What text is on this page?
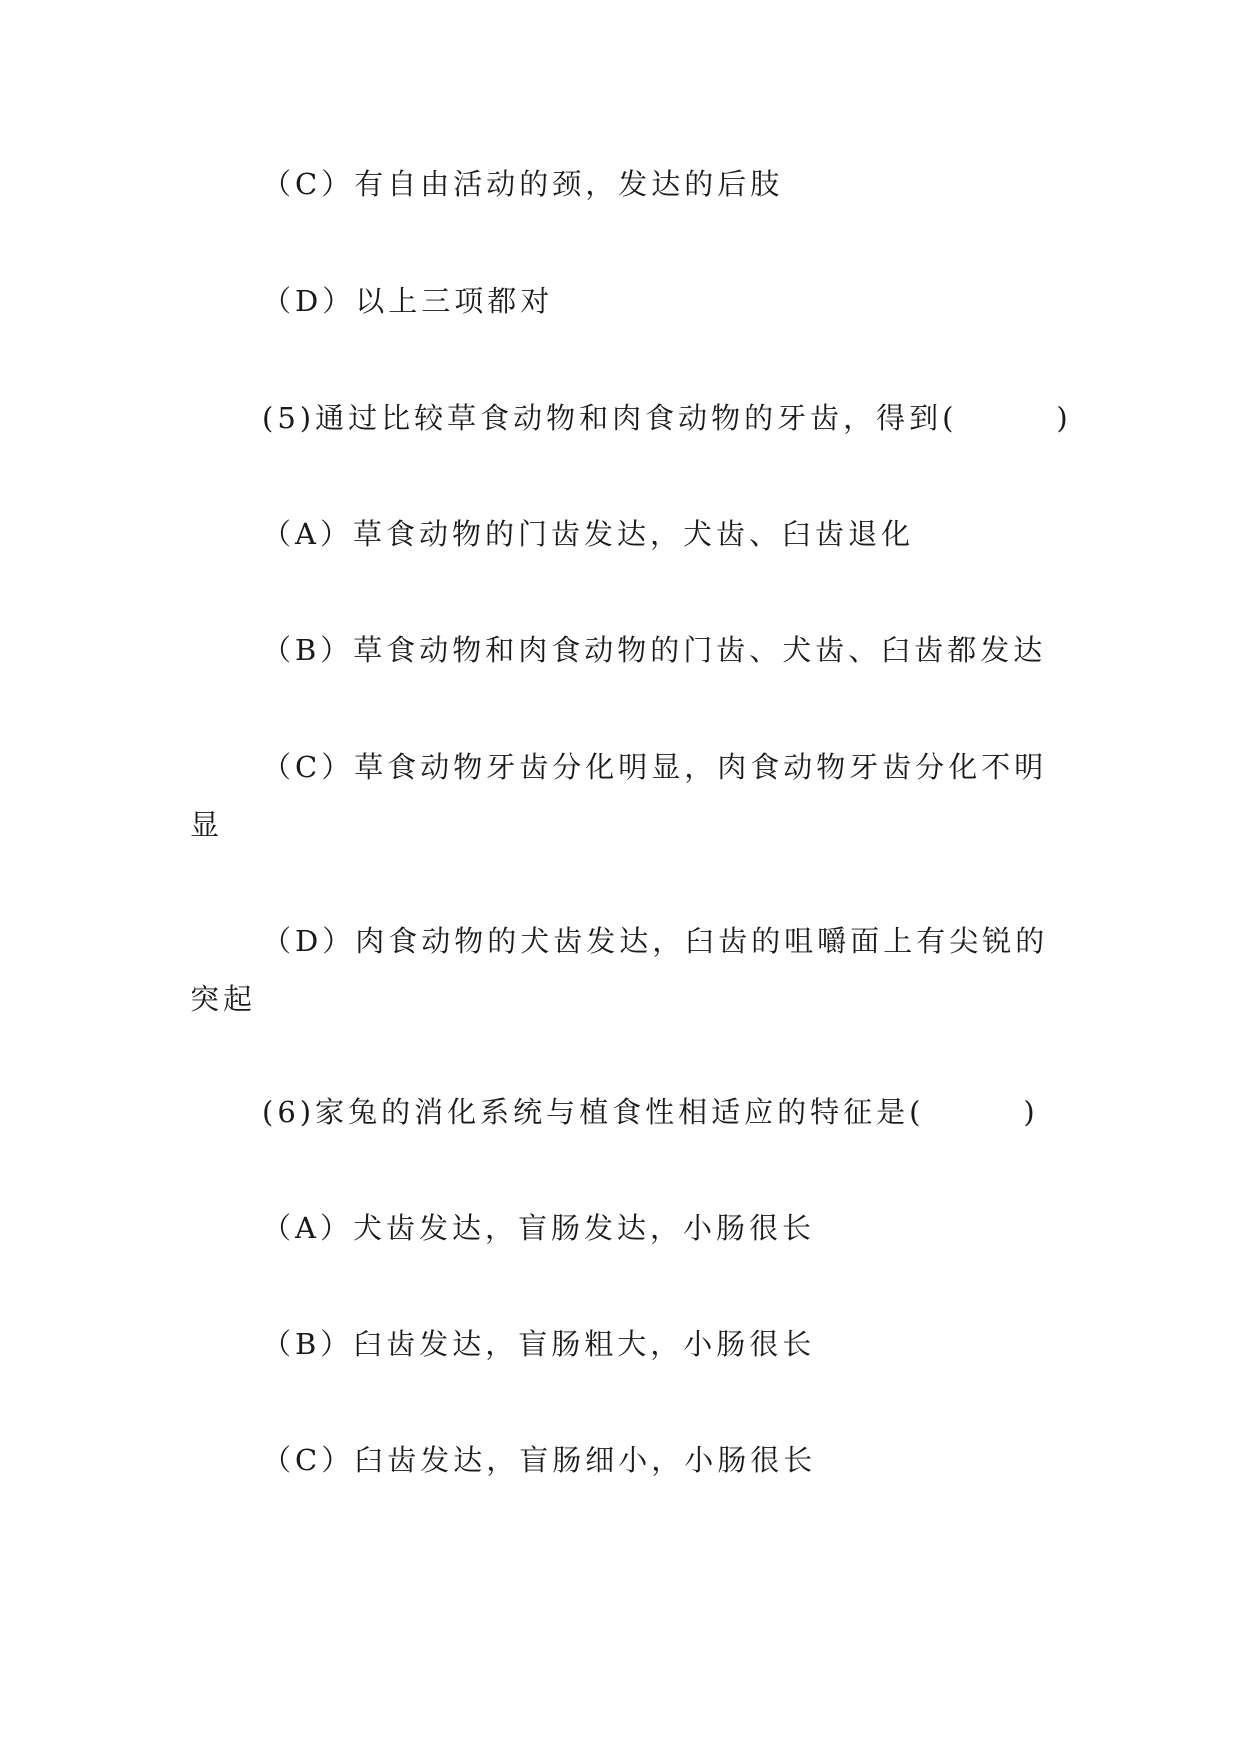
（C）有自由活动的颈，发达的后肢
（D）以上三项都对
(5)通过比较草食动物和肉食动物的牙齿，得到(　　　)
（A）草食动物的门齿发达，犬齿、臼齿退化
（B）草食动物和肉食动物的门齿、犬齿、臼齿都发达
（C）草食动物牙齿分化明显，肉食动物牙齿分化不明显
（D）肉食动物的犬齿发达，臼齿的咀嚼面上有尖锐的突起
(6)家兔的消化系统与植食性相适应的特征是(　　　)
（A）犬齿发达，盲肠发达，小肠很长
（B）臼齿发达，盲肠粗大，小肠很长
（C）臼齿发达，盲肠细小，小肠很长
